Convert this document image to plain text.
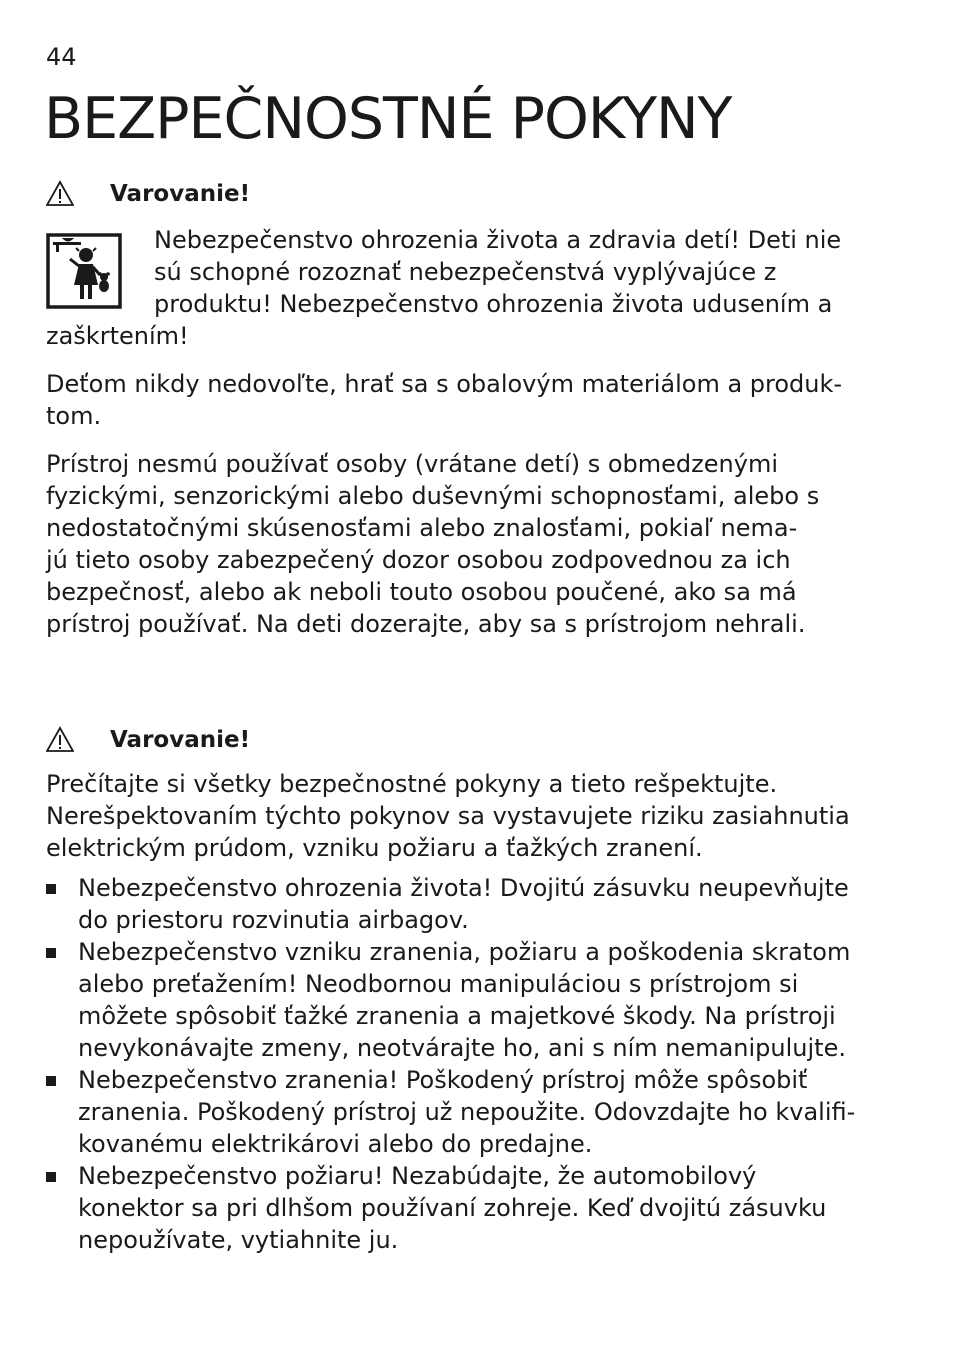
44
BEZPEČNOSTNÉ POKYNY
Varovanie!
Nebezpečenstvo ohrozenia života a zdravia detí! Deti nie
sú schopné rozoznať nebezpečenstvá vyplývajúce z
produktu! Nebezpečenstvo ohrozenia života udusením a
zaškrtením!
Deťom nikdy nedovoľte, hrať sa s obalovým materiálom a produk-
tom.
Prístroj nesmú používať osoby (vrátane detí) s obmedzenými
fyzickými, senzorickými alebo duševnými schopnosťami, alebo s
nedostatočnými skúsenosťami alebo znalosťami, pokiaľ nema-
jú tieto osoby zabezpečený dozor osobou zodpovednou za ich
bezpečnosť, alebo ak neboli touto osobou poučené, ako sa má
prístroj používať. Na deti dozerajte, aby sa s prístrojom nehrali.
Varovanie!
Prečítajte si všetky bezpečnostné pokyny a tieto rešpektujte.
Nerešpektovaním týchto pokynov sa vystavujete riziku zasiahnutia
elektrickým prúdom, vzniku požiaru a ťažkých zranení.
Nebezpečenstvo ohrozenia života! Dvojitú zásuvku neupevňujte
do priestoru rozvinutia airbagov.
Nebezpečenstvo vzniku zranenia, požiaru a poškodenia skratom
alebo preťažením! Neodbornou manipuláciou s prístrojom si
môžete spôsobiť ťažké zranenia a majetkové škody. Na prístroji
nevykonávajte zmeny, neotvárajte ho, ani s ním nemanipulujte.
Nebezpečenstvo zranenia! Poškodený prístroj môže spôsobiť
zranenia. Poškodený prístroj už nepoužite. Odovzdajte ho kvalifi-
kovanému elektrikárovi alebo do predajne.
Nebezpečenstvo požiaru! Nezabúdajte, že automobilový
konektor sa pri dlhšom používaní zohreje. Keď dvojitú zásuvku
nepoužívate, vytiahnite ju.
